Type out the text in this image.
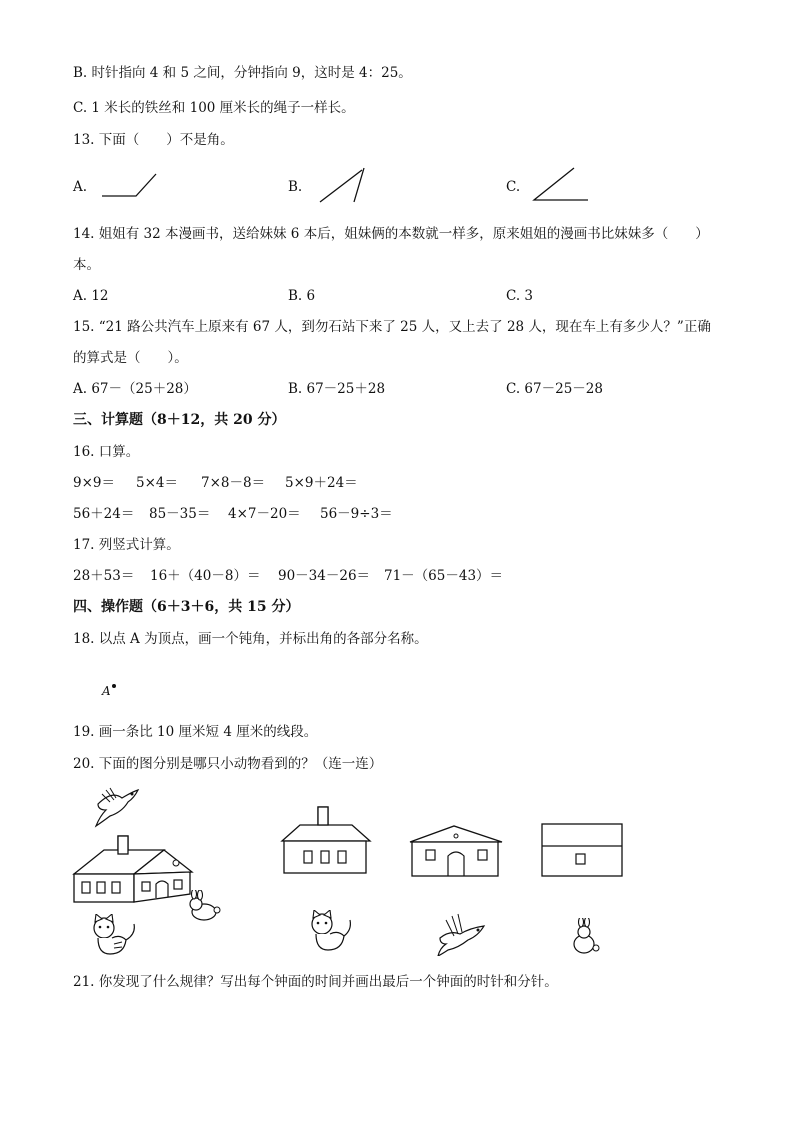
B. 时针指向 4 和 5 之间，分钟指向 9，这时是 4：25。
C. 1 米长的铁丝和 100 厘米长的绳子一样长。
13. 下面（　　）不是角。
A.	B.	C.
14. 姐姐有 32 本漫画书，送给妹妹 6 本后，姐妹俩的本数就一样多，原来姐姐的漫画书比妹妹多（　　）
本。
A. 12	B. 6	C. 3
15. “21 路公共汽车上原来有 67 人，到勿石站下来了 25 人，又上去了 28 人，现在车上有多少人？”正确
的算式是（　　）。
A. 67－（25＋28）	B. 67－25＋28	C. 67－25－28
三、计算题（8＋12，共 20 分）
16. 口算。
9×9＝ 5×4＝ 7×8－8＝ 5×9＋24＝
56＋24＝ 85－35＝ 4×7－20＝ 56－9÷3＝
17. 列竖式计算。
28＋53＝ 16＋（40－8）＝ 90－34－26＝ 71－（65－43）＝
四、操作题（6＋3＋6，共 15 分）
18. 以点 A 为顶点，画一个钝角，并标出角的各部分名称。
A
19. 画一条比 10 厘米短 4 厘米的线段。
20. 下面的图分别是哪只小动物看到的？（连一连）
21. 你发现了什么规律？写出每个钟面的时间并画出最后一个钟面的时针和分针。
